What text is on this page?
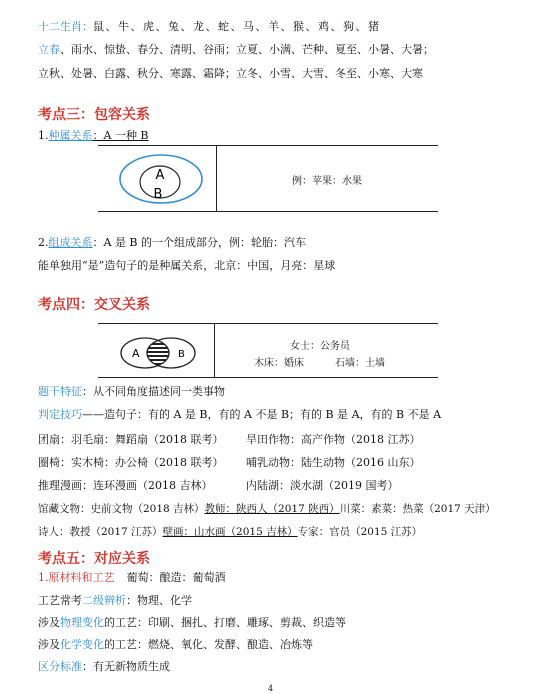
十二生肖：鼠、牛、虎、兔、龙、蛇、马、羊、猴、鸡、狗、猪
立春、雨水、惊蛰、春分、清明、谷雨；立夏、小满、芒种、夏至、小暑、大暑；
立秋、处暑、白露、秋分、寒露、霜降；立冬、小雪、大雪、冬至、小寒、大寒
考点三：包容关系
1.种属关系：A 一种 B
A
B
例：苹果：水果
2.组成关系：A 是 B 的一个组成部分，例：轮胎：汽车
能单独用“是”造句子的是种属关系，北京：中国，月亮：星球
考点四：交叉关系
A	B
女士：公务员
木床：婚床	石墙：土墙
题干特征：从不同角度描述同一类事物
判定技巧——造句子：有的 A 是 B，有的 A 不是 B；有的 B 是 A，有的 B 不是 A
团扇：羽毛扇：舞蹈扇（2018 联考） 旱田作物：高产作物（2018 江苏）
圈椅：实木椅：办公椅（2018 联考） 哺乳动物：陆生动物（2016 山东）
推理漫画：连环漫画（2018 吉林）	内陆湖：淡水湖（2019 国考）
馆藏文物：史前文物（2018 吉林）教师：陕西人（2017 陕西）川菜：素菜：热菜（2017 天津）
诗人：教授（2017 江苏）壁画：山水画（2015 吉林）专家：官员（2015 江苏）
考点五：对应关系
1.原材料和工艺 葡萄：酿造：葡萄酒
工艺常考二级辨析：物理、化学
涉及物理变化的工艺：印刷、捆扎、打磨、雕琢、剪裁、织造等
涉及化学变化的工艺：燃烧、氧化、发酵、酿造、冶炼等
区分标准：有无新物质生成
4
